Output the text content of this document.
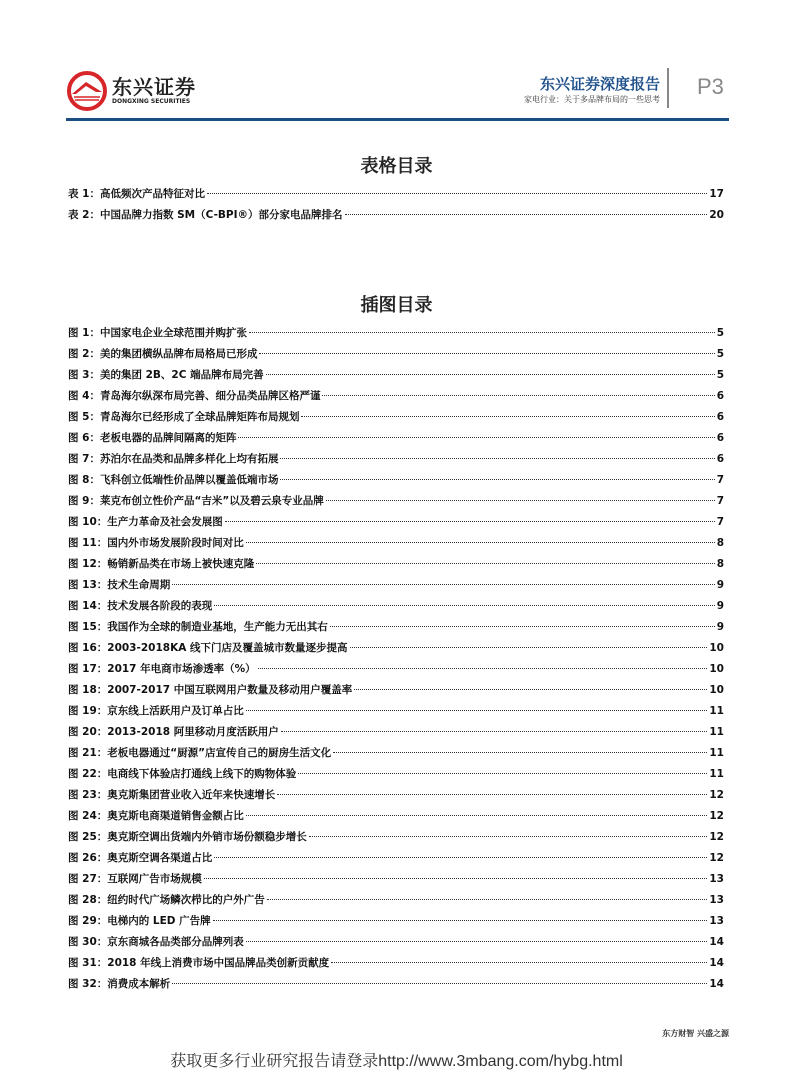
东兴证券
DONGXING SECURITIES
东兴证券深度报告
家电行业：关于多品牌布局的一些思考
P3
表格目录
表 1：高低频次产品特征对比	17
表 2：中国品牌力指数 SM（C-BPI®）部分家电品牌排名	20
插图目录
图 1：中国家电企业全球范围并购扩张	5
图 2：美的集团横纵品牌布局格局已形成	5
图 3：美的集团 2B、2C 端品牌布局完善	5
图 4：青岛海尔纵深布局完善、细分品类品牌区格严谨	6
图 5：青岛海尔已经形成了全球品牌矩阵布局规划	6
图 6：老板电器的品牌间隔离的矩阵	6
图 7：苏泊尔在品类和品牌多样化上均有拓展	6
图 8：飞科创立低端性价品牌以覆盖低端市场	7
图 9：莱克布创立性价产品“吉米”以及碧云泉专业品牌	7
图 10：生产力革命及社会发展图	7
图 11：国内外市场发展阶段时间对比	8
图 12：畅销新品类在市场上被快速克隆	8
图 13：技术生命周期	9
图 14：技术发展各阶段的表现	9
图 15：我国作为全球的制造业基地，生产能力无出其右	9
图 16：2003-2018KA 线下门店及覆盖城市数量逐步提高	10
图 17：2017 年电商市场渗透率（%）	10
图 18：2007-2017 中国互联网用户数量及移动用户覆盖率	10
图 19：京东线上活跃用户及订单占比	11
图 20：2013-2018 阿里移动月度活跃用户	11
图 21：老板电器通过“厨源”店宣传自己的厨房生活文化	11
图 22：电商线下体验店打通线上线下的购物体验	11
图 23：奥克斯集团营业收入近年来快速增长	12
图 24：奥克斯电商渠道销售金额占比	12
图 25：奥克斯空调出货端内外销市场份额稳步增长	12
图 26：奥克斯空调各渠道占比	12
图 27：互联网广告市场规模	13
图 28：纽约时代广场鳞次栉比的户外广告	13
图 29：电梯内的 LED 广告牌	13
图 30：京东商城各品类部分品牌列表	14
图 31：2018 年线上消费市场中国品牌品类创新贡献度	14
图 32：消费成本解析	14
东方财智 兴盛之源
获取更多行业研究报告请登录http://www.3mbang.com/hybg.html
